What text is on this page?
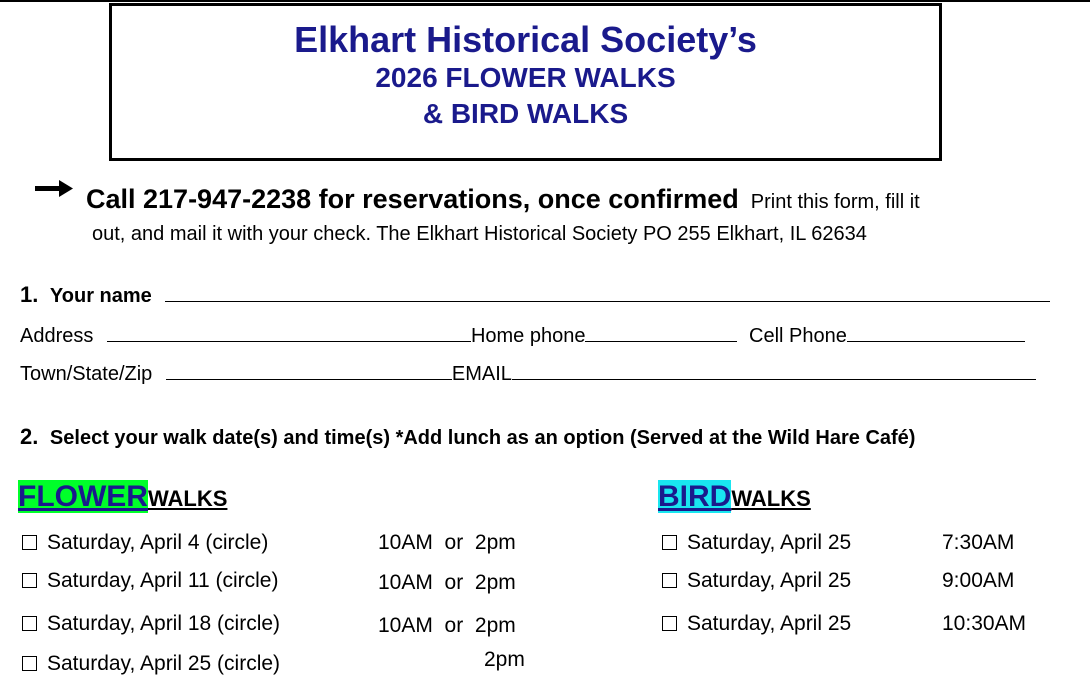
Elkhart Historical Society’s
2026 FLOWER WALKS
& BIRD WALKS
Call 217-947-2238 for reservations, once confirmed Print this form, fill it
out, and mail it with your check. The Elkhart Historical Society PO 255 Elkhart, IL 62634
1. Your name
Address	Home phone	Cell Phone
Town/State/Zip	EMAIL
2. Select your walk date(s) and time(s) *Add lunch as an option (Served at the Wild Hare Café)
FLOWERWALKS	BIRDWALKS
Saturday, April 4 (circle)	10AM or 2pm
Saturday, April 11 (circle)	10AM or 2pm
Saturday, April 18 (circle)	10AM or 2pm
Saturday, April 25 (circle)	2pm
Saturday, April 25	7:30AM
Saturday, April 25	9:00AM
Saturday, April 25	10:30AM
